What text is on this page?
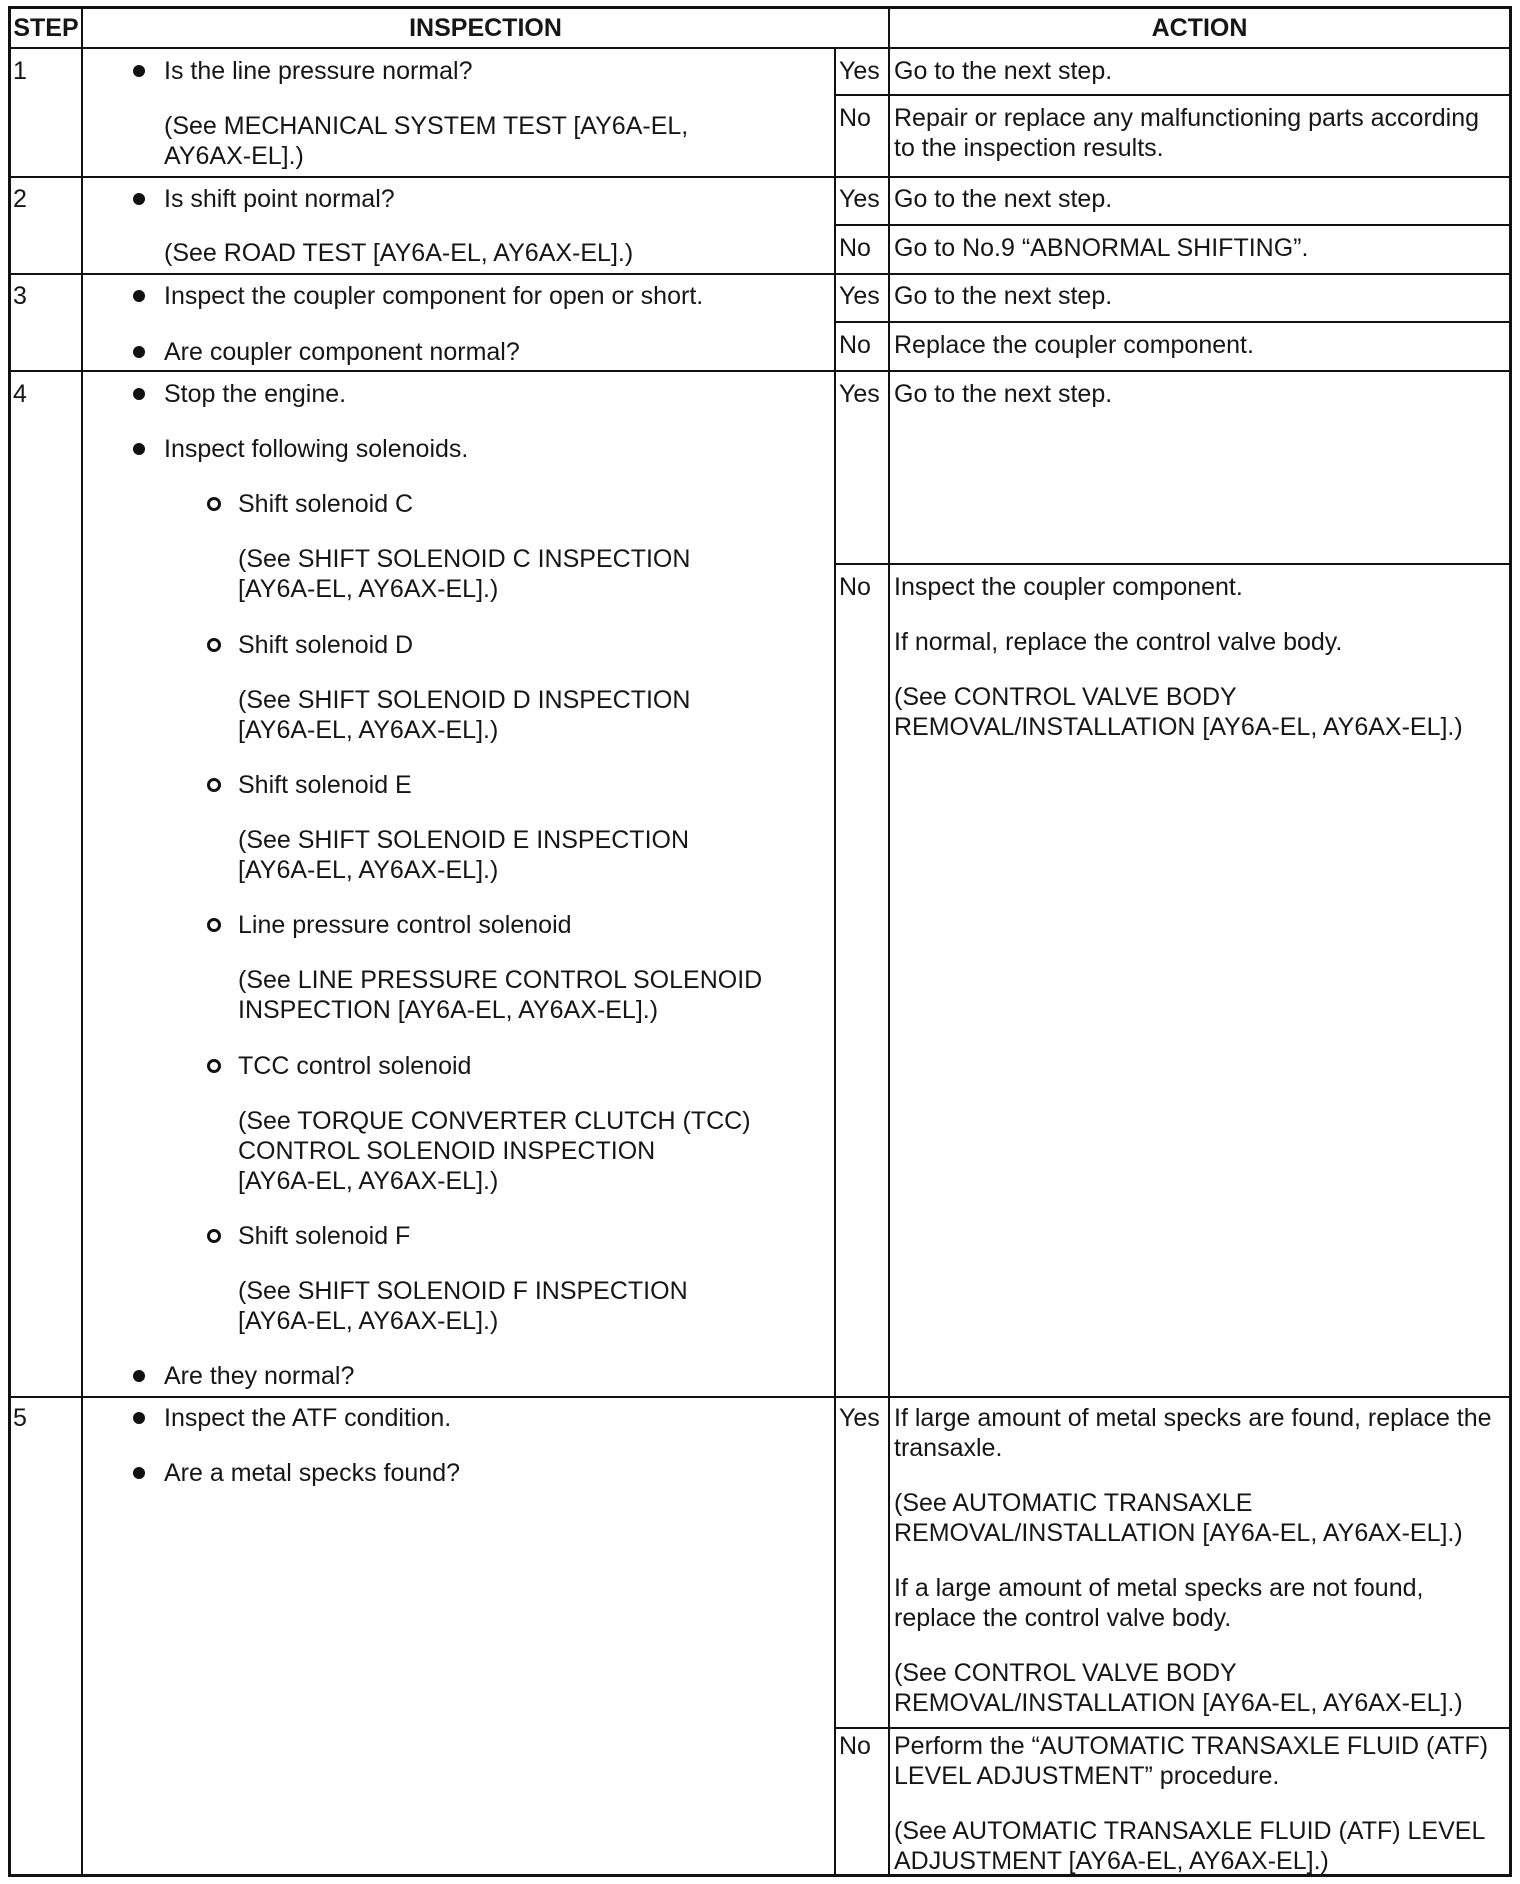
STEP	INSPECTION	ACTION
1	Is the line pressure normal?
(See MECHANICAL SYSTEM TEST [AY6A-EL,
AY6AX-EL].)
Yes Go to the next step.
No Repair or replace any malfunctioning parts according
to the inspection results.
2	Is shift point normal?
(See ROAD TEST [AY6A-EL, AY6AX-EL].)
Yes Go to the next step.
No Go to No.9 “ABNORMAL SHIFTING”.
3	Inspect the coupler component for open or short.
Are coupler component normal?
Yes Go to the next step.
No Replace the coupler component.
4	Stop the engine.
Inspect following solenoids.
Shift solenoid C
(See SHIFT SOLENOID C INSPECTION
[AY6A-EL, AY6AX-EL].)
Shift solenoid D
(See SHIFT SOLENOID D INSPECTION
[AY6A-EL, AY6AX-EL].)
Shift solenoid E
(See SHIFT SOLENOID E INSPECTION
[AY6A-EL, AY6AX-EL].)
Line pressure control solenoid
(See LINE PRESSURE CONTROL SOLENOID
INSPECTION [AY6A-EL, AY6AX-EL].)
TCC control solenoid
(See TORQUE CONVERTER CLUTCH (TCC)
CONTROL SOLENOID INSPECTION
[AY6A-EL, AY6AX-EL].)
Shift solenoid F
(See SHIFT SOLENOID F INSPECTION
[AY6A-EL, AY6AX-EL].)
Are they normal?
Yes Go to the next step.
No Inspect the coupler component.
If normal, replace the control valve body.
(See CONTROL VALVE BODY
REMOVAL/INSTALLATION [AY6A-EL, AY6AX-EL].)
5	Inspect the ATF condition.
Are a metal specks found?
Yes If large amount of metal specks are found, replace the
transaxle.
(See AUTOMATIC TRANSAXLE
REMOVAL/INSTALLATION [AY6A-EL, AY6AX-EL].)
If a large amount of metal specks are not found,
replace the control valve body.
(See CONTROL VALVE BODY
REMOVAL/INSTALLATION [AY6A-EL, AY6AX-EL].)
No Perform the “AUTOMATIC TRANSAXLE FLUID (ATF)
LEVEL ADJUSTMENT” procedure.
(See AUTOMATIC TRANSAXLE FLUID (ATF) LEVEL
ADJUSTMENT [AY6A-EL, AY6AX-EL].)
